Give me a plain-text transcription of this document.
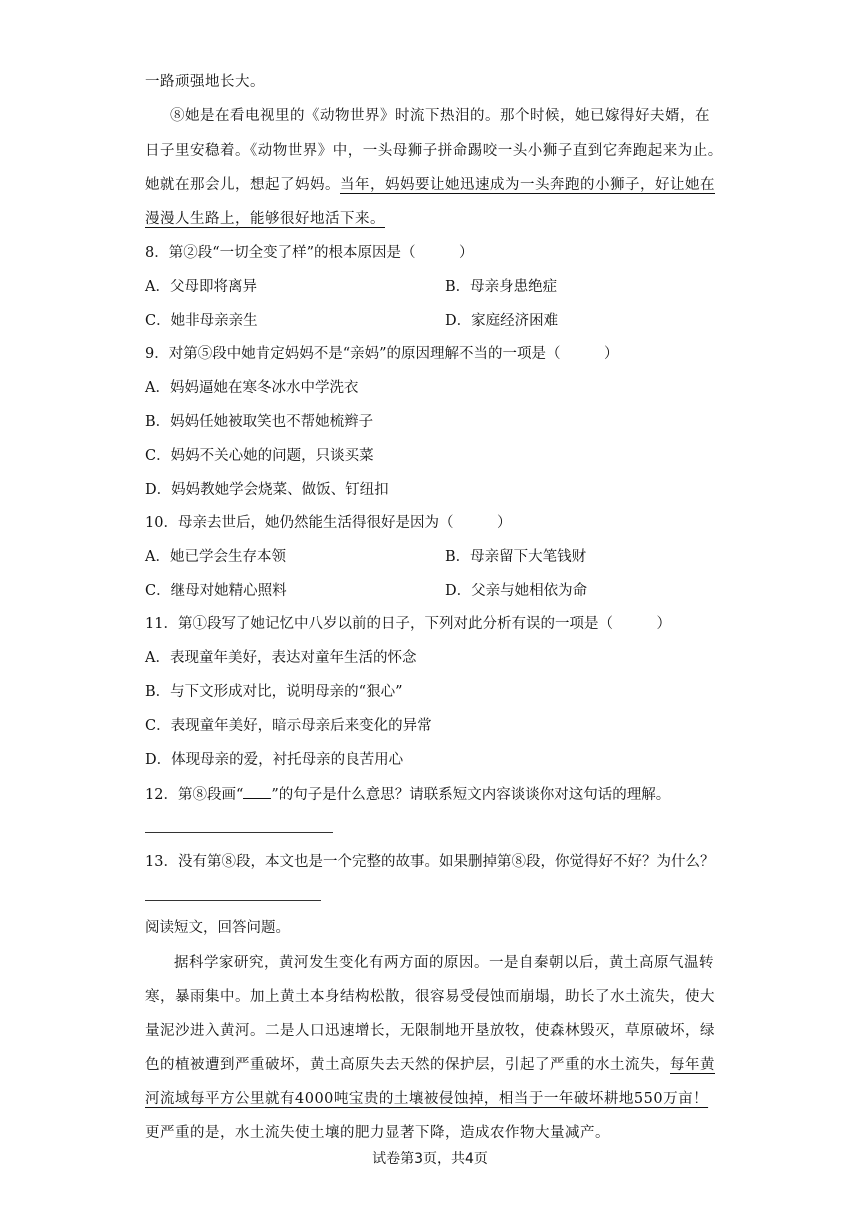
一路顽强地长大。
⑧她是在看电视里的《动物世界》时流下热泪的。那个时候，她已嫁得好夫婿，在
日子里安稳着。《动物世界》中，一头母狮子拼命踢咬一头小狮子直到它奔跑起来为止。
她就在那会儿，想起了妈妈。当年，妈妈要让她迅速成为一头奔跑的小狮子，好让她在
漫漫人生路上，能够很好地活下来。
8．第②段“一切全变了样”的根本原因是（　　　）
A．父母即将离异	B．母亲身患绝症
C．她非母亲亲生	D．家庭经济困难
9．对第⑤段中她肯定妈妈不是“亲妈”的原因理解不当的一项是（　　　）
A．妈妈逼她在寒冬冰水中学洗衣
B．妈妈任她被取笑也不帮她梳辫子
C．妈妈不关心她的问题，只谈买菜
D．妈妈教她学会烧菜、做饭、钉纽扣
10．母亲去世后，她仍然能生活得很好是因为（　　　）
A．她已学会生存本领	B．母亲留下大笔钱财
C．继母对她精心照料	D．父亲与她相依为命
11．第①段写了她记忆中八岁以前的日子，下列对此分析有误的一项是（　　　）
A．表现童年美好，表达对童年生活的怀念
B．与下文形成对比，说明母亲的“狠心”
C．表现童年美好，暗示母亲后来变化的异常
D．体现母亲的爱，衬托母亲的良苦用心
12．第⑧段画“ ”的句子是什么意思？请联系短文内容谈谈你对这句话的理解。
13．没有第⑧段，本文也是一个完整的故事。如果删掉第⑧段，你觉得好不好？为什么？
阅读短文，回答问题。
据科学家研究，黄河发生变化有两方面的原因。一是自秦朝以后，黄土高原气温转
寒，暴雨集中。加上黄土本身结构松散，很容易受侵蚀而崩塌，助长了水土流失，使大
量泥沙进入黄河。二是人口迅速增长，无限制地开垦放牧，使森林毁灭，草原破坏，绿
色的植被遭到严重破坏，黄土高原失去天然的保护层，引起了严重的水土流失，每年黄
河流域每平方公里就有4000吨宝贵的土壤被侵蚀掉，相当于一年破坏耕地550万亩！
更严重的是，水土流失使土壤的肥力显著下降，造成农作物大量减产。
试卷第3页，共4页
